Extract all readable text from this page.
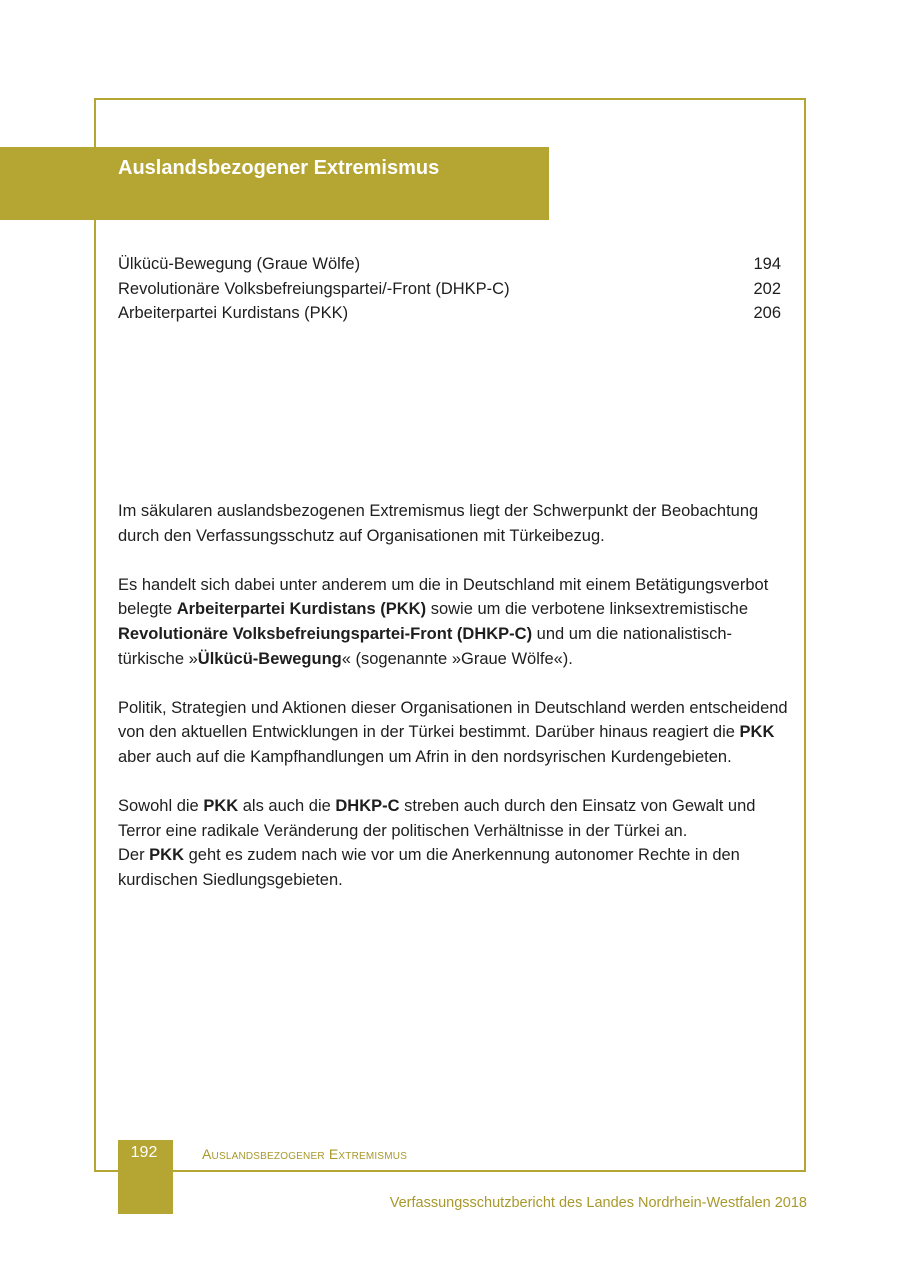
Auslandsbezogener Extremismus
Ülkücü-Bewegung (Graue Wölfe)	194
Revolutionäre Volksbefreiungspartei/-Front (DHKP-C)	202
Arbeiterpartei Kurdistans (PKK)	206

Im säkularen auslandsbezogenen Extremismus liegt der Schwerpunkt der Beobachtung durch den Verfassungsschutz auf Organisationen mit Türkeibezug.

Es handelt sich dabei unter anderem um die in Deutschland mit einem Betätigungsverbot belegte Arbeiterpartei Kurdistans (PKK) sowie um die verbotene linksextremistische Revolutionäre Volksbefreiungspartei-Front (DHKP-C) und um die nationalistisch-türkische »Ülkücü-Bewegung« (sogenannte »Graue Wölfe«).

Politik, Strategien und Aktionen dieser Organisationen in Deutschland werden entscheidend von den aktuellen Entwicklungen in der Türkei bestimmt. Darüber hinaus reagiert die PKK aber auch auf die Kampfhandlungen um Afrin in den nordsyrischen Kurdengebieten.

Sowohl die PKK als auch die DHKP-C streben auch durch den Einsatz von Gewalt und Terror eine radikale Veränderung der politischen Verhältnisse in der Türkei an.
Der PKK geht es zudem nach wie vor um die Anerkennung autonomer Rechte in den kurdischen Siedlungsgebieten.

192	Auslandsbezogener Extremismus
Verfassungsschutzbericht des Landes Nordrhein-Westfalen 2018
